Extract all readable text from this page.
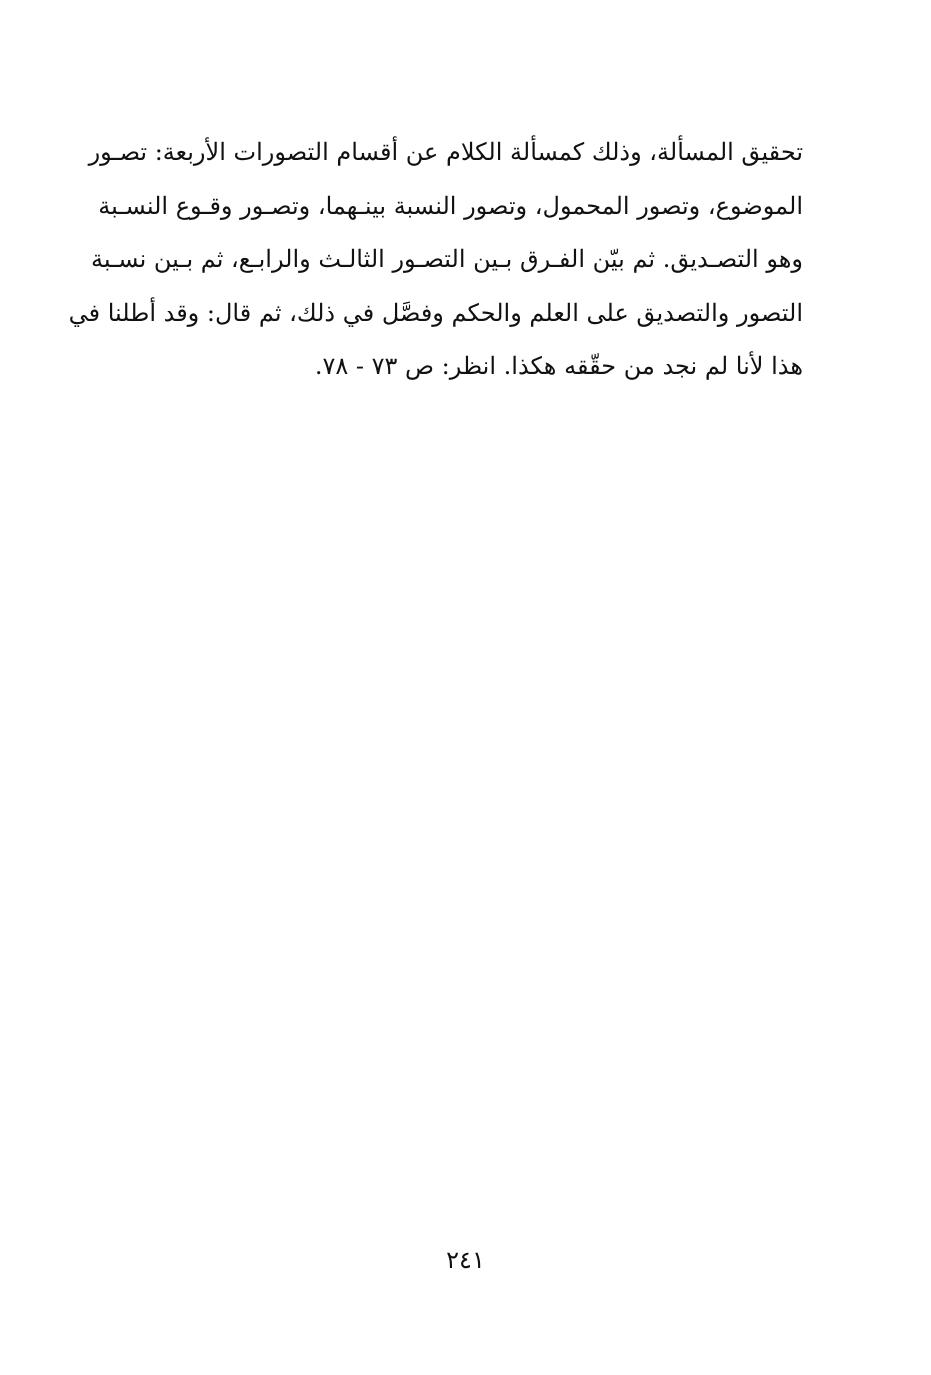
تحقيق المسألة، وذلك كمسألة الكلام عن أقسام التصورات الأربعة: تصـور
الموضوع، وتصور المحمول، وتصور النسبة بينـهما، وتصـور وقـوع النسـبة
وهو التصـديق. ثم بيّن الفـرق بـين التصـور الثالـث والرابـع، ثم بـين نسـبة
التصور والتصديق على العلم والحكم وفصَّل في ذلك، ثم قال: وقد أطلنا في
هذا لأنا لم نجد من حقّقه هكذا. انظر: ص ٧٣ - ٧٨.
٢٤١
